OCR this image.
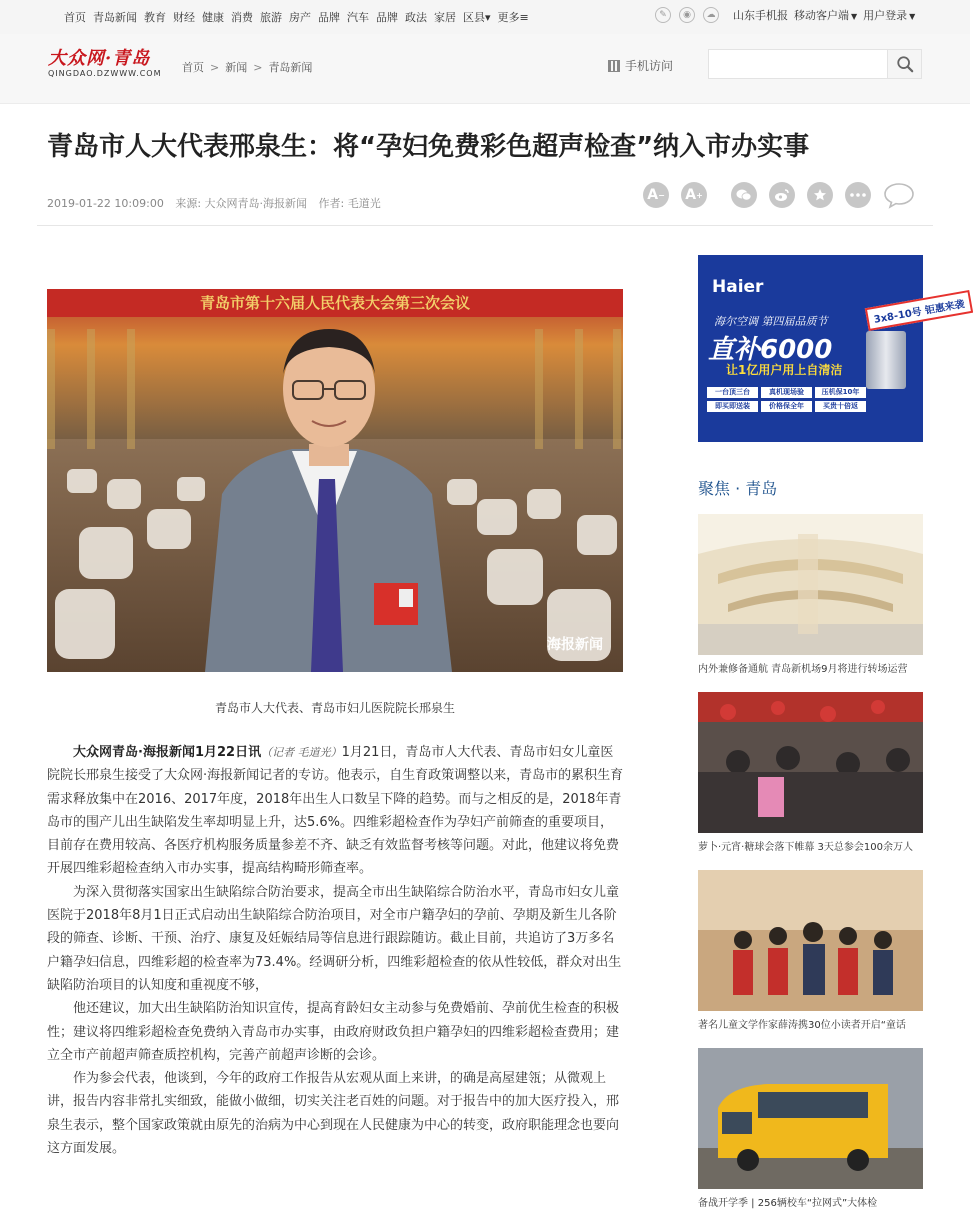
首页 青岛新闻 教育 财经 健康 消费 旅游 房产 品牌 汽车 品牌 政法 家居 区县▾ 更多≡	✎	◉	☁	山东手机报 移动客户端 ▼ 用户登录 ▼
大众网·青岛
QINGDAO.DZWWW.COM	首页 > 新闻 > 青岛新闻	手机访问
青岛市人大代表邢泉生：将“孕妇免费彩色超声检查”纳入市办实事
2019-01-22 10:09:00 来源: 大众网青岛·海报新闻 作者: 毛道光
A − A +
青岛市第十六届人民代表大会第三次会议
海报新闻
青岛市人大代表、青岛市妇儿医院院长邢泉生

大众网青岛·海报新闻1月22日讯（记者 毛道光）1月21日，青岛市人大代表、青岛市妇女儿童医院院长邢泉生接受了大众网·海报新闻记者的专访。他表示，自生育政策调整以来，青岛市的累积生育需求释放集中在2016、2017年度，2018年出生人口数呈下降的趋势。而与之相反的是，2018年青岛市的围产儿出生缺陷发生率却明显上升，达5.6%。四维彩超检查作为孕妇产前筛查的重要项目，目前存在费用较高、各医疗机构服务质量参差不齐、缺乏有效监督考核等问题。对此，他建议将免费开展四维彩超检查纳入市办实事，提高结构畸形筛查率。

为深入贯彻落实国家出生缺陷综合防治要求，提高全市出生缺陷综合防治水平，青岛市妇女儿童医院于2018年8月1日正式启动出生缺陷综合防治项目，对全市户籍孕妇的孕前、孕期及新生儿各阶段的筛查、诊断、干预、治疗、康复及妊娠结局等信息进行跟踪随访。截止目前，共追访了3万多名户籍孕妇信息，四维彩超的检查率为73.4%。经调研分析，四维彩超检查的依从性较低，群众对出生缺陷防治项目的认知度和重视度不够，

他还建议，加大出生缺陷防治知识宣传，提高育龄妇女主动参与免费婚前、孕前优生检查的积极性；建议将四维彩超检查免费纳入青岛市办实事，由政府财政负担户籍孕妇的四维彩超检查费用；建立全市产前超声筛查质控机构，完善产前超声诊断的会诊。

作为参会代表，他谈到，今年的政府工作报告从宏观从面上来讲，的确是高屋建瓴；从微观上讲，报告内容非常扎实细致，能做小做细，切实关注老百姓的问题。对于报告中的加大医疗投入，邢泉生表示，整个国家政策就由原先的治病为中心到现在人民健康为中心的转变，政府职能理念也要向这方面发展。

Haier
3x8-10号 钜惠来袭
海尔空调 第四届品质节
直补6000
让1亿用户用上自清洁
一台顶三台	真机现场验	压机保10年
即买即送装	价格保全年	买贵十倍返
聚焦 · 青岛
内外兼修备通航 青岛新机场9月将进行转场运营
萝卜·元宵·糖球会落下帷幕 3天总参会100余万人
著名儿童文学作家薛涛携30位小读者开启“童话
备战开学季 | 256辆校车“拉网式”大体检
